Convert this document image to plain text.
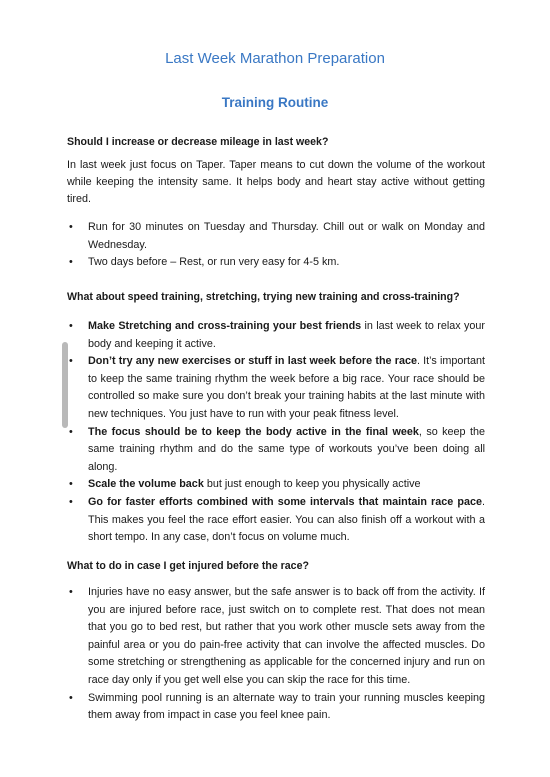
Last Week Marathon Preparation
Training Routine

Should I increase or decrease mileage in last week?

In last week just focus on Taper. Taper means to cut down the volume of the workout while keeping the intensity same. It helps body and heart stay active without getting tired.

• Run for 30 minutes on Tuesday and Thursday. Chill out or walk on Monday and Wednesday.
• Two days before – Rest, or run very easy for 4-5 km.

What about speed training, stretching, trying new training and cross-training?

• Make Stretching and cross-training your best friends in last week to relax your body and keeping it active.
• Don’t try any new exercises or stuff in last week before the race. It’s important to keep the same training rhythm the week before a big race. Your race should be controlled so make sure you don’t break your training habits at the last minute with new techniques. You just have to run with your peak fitness level.
• The focus should be to keep the body active in the final week, so keep the same training rhythm and do the same type of workouts you’ve been doing all along.
• Scale the volume back but just enough to keep you physically active
• Go for faster efforts combined with some intervals that maintain race pace. This makes you feel the race effort easier. You can also finish off a workout with a short tempo. In any case, don’t focus on volume much.

What to do in case I get injured before the race?

• Injuries have no easy answer, but the safe answer is to back off from the activity. If you are injured before race, just switch on to complete rest. That does not mean that you go to bed rest, but rather that you work other muscle sets away from the painful area or you do pain-free activity that can involve the affected muscles. Do some stretching or strengthening as applicable for the concerned injury and run on race day only if you get well else you can skip the race for this time.
• Swimming pool running is an alternate way to train your running muscles keeping them away from impact in case you feel knee pain.
